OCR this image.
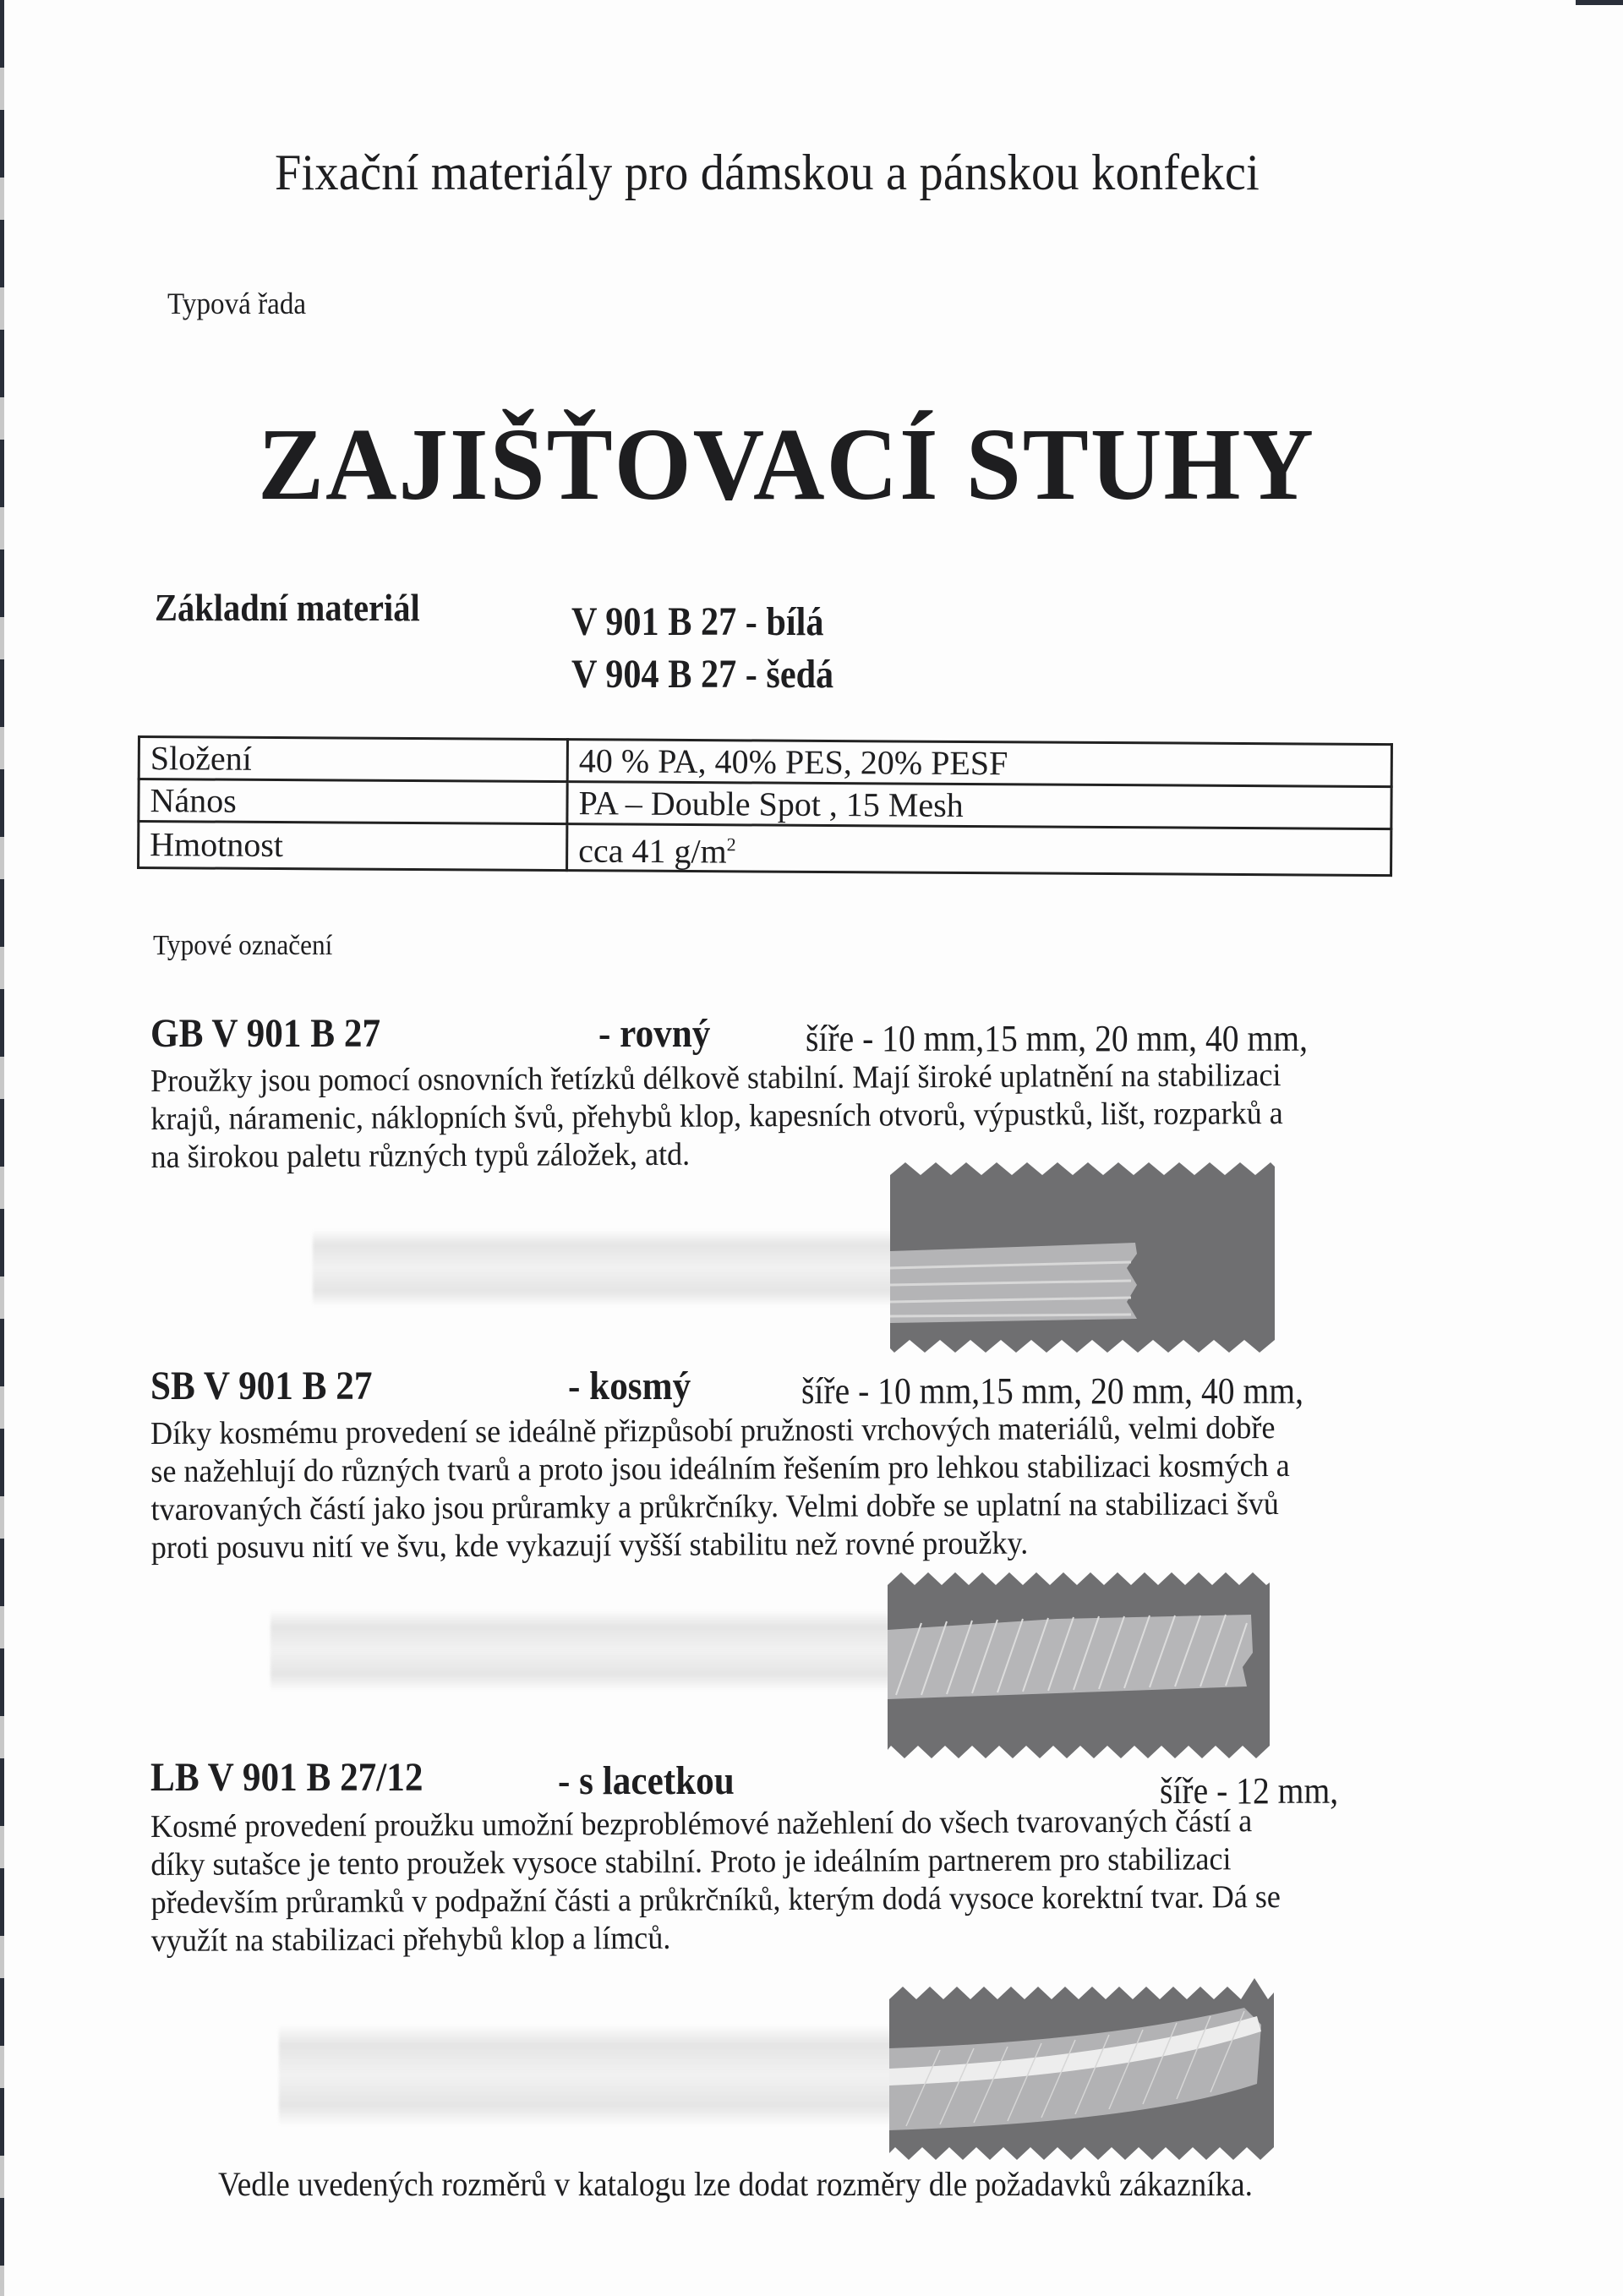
Fixační materiály pro dámskou a pánskou konfekci
Typová řada
ZAJIŠŤOVACÍ STUHY
Základní materiál	V 901 B 27 - bílá
V 904 B 27 - šedá
Složení	40 % PA, 40% PES, 20% PESF
Nános	PA – Double Spot , 15 Mesh
Hmotnost	cca 41 $g/m^2$
Typové označení
GB V 901 B 27	- rovný	šíře - 10 mm,15 mm, 20 mm, 40 mm,
Proužky jsou pomocí osnovních řetízků délkově stabilní. Mají široké uplatnění na stabilizaci
krajů, náramenic, náklopních švů, přehybů klop, kapesních otvorů, výpustků, lišt, rozparků a
na širokou paletu různých typů záložek, atd.
SB V 901 B 27	- kosmý	šíře - 10 mm,15 mm, 20 mm, 40 mm,
Díky kosmému provedení se ideálně přizpůsobí pružnosti vrchových materiálů, velmi dobře
se nažehlují do různých tvarů a proto jsou ideálním řešením pro lehkou stabilizaci kosmých a
tvarovaných částí jako jsou průramky a průkrčníky. Velmi dobře se uplatní na stabilizaci švů
proti posuvu nití ve švu, kde vykazují vyšší stabilitu než rovné proužky.
LB V 901 B 27/12	- s lacetkou	šíře - 12 mm,
Kosmé provedení proužku umožní bezproblémové nažehlení do všech tvarovaných částí a
díky sutašce je tento proužek vysoce stabilní. Proto je ideálním partnerem pro stabilizaci
především průramků v podpažní části a průkrčníků, kterým dodá vysoce korektní tvar. Dá se
využít na stabilizaci přehybů klop a límců.
Vedle uvedených rozměrů v katalogu lze dodat rozměry dle požadavků zákazníka.
